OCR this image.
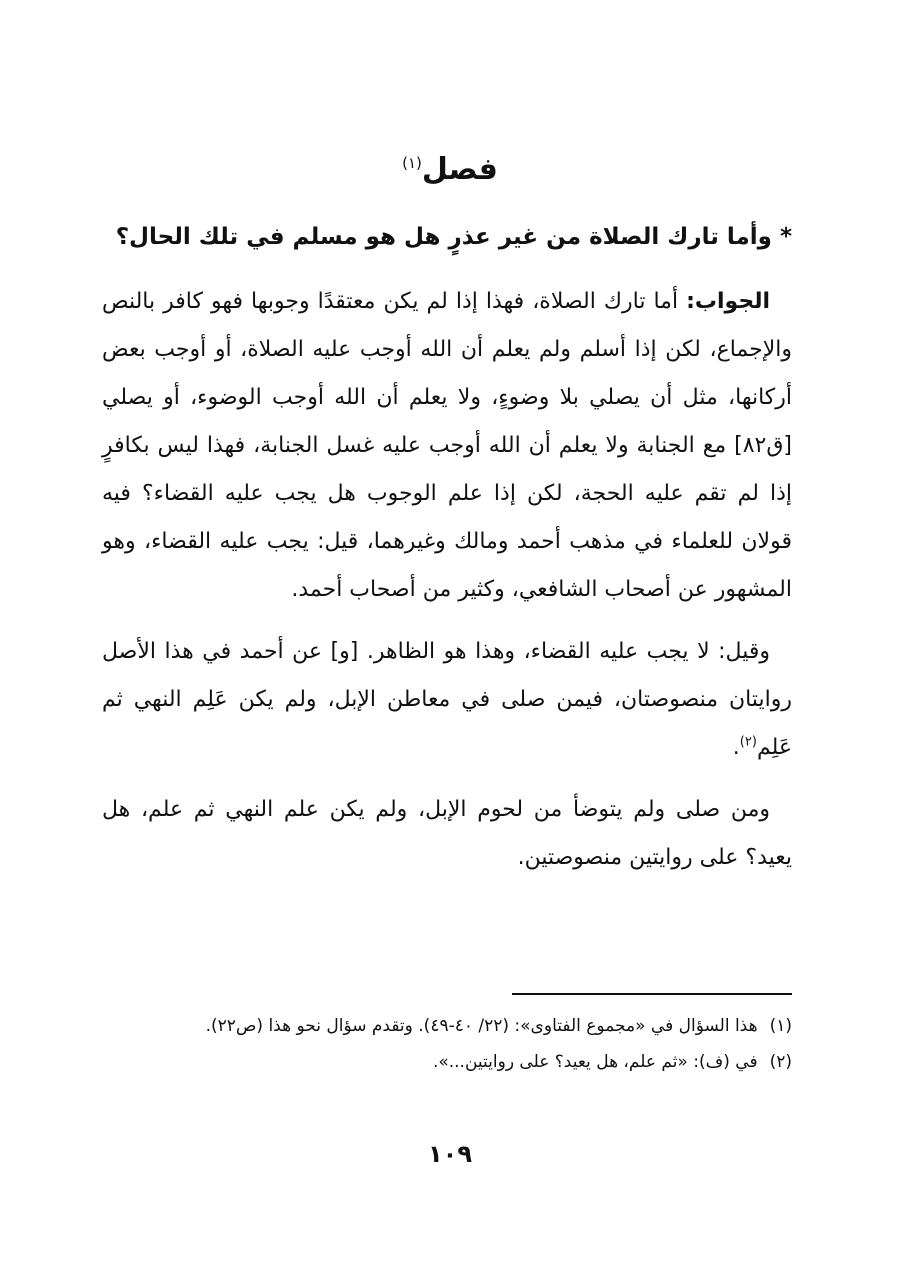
فصل$^{(١)}$
* وأما تارك الصلاة من غير عذرٍ هل هو مسلم في تلك الحال؟

الجواب: أما تارك الصلاة، فهذا إذا لم يكن معتقدًا وجوبها فهو كافر بالنص والإجماع، لكن إذا أسلم ولم يعلم أن الله أوجب عليه الصلاة، أو أوجب بعض أركانها، مثل أن يصلي بلا وضوءٍ، ولا يعلم أن الله أوجب الوضوء، أو يصلي [ق٨٢] مع الجنابة ولا يعلم أن الله أوجب عليه غسل الجنابة، فهذا ليس بكافرٍ إذا لم تقم عليه الحجة، لكن إذا علم الوجوب هل يجب عليه القضاء؟ فيه قولان للعلماء في مذهب أحمد ومالك وغيرهما، قيل: يجب عليه القضاء، وهو المشهور عن أصحاب الشافعي، وكثير من أصحاب أحمد.

وقيل: لا يجب عليه القضاء، وهذا هو الظاهر. [و] عن أحمد في هذا الأصل روايتان منصوصتان، فيمن صلى في معاطن الإبل، ولم يكن عَلِم النهي ثم عَلِم$^{(٢)}$.

ومن صلى ولم يتوضأ من لحوم الإبل، ولم يكن علم النهي ثم علم، هل يعيد؟ على روايتين منصوصتين.

(١)
هذا السؤال في «مجموع الفتاوى»: (٢٢/ ٤٠-٤٩). وتقدم سؤال نحو هذا (ص٢٢).
(٢)
في (ف): «ثم علم، هل يعيد؟ على روايتين...».
١٠٩
